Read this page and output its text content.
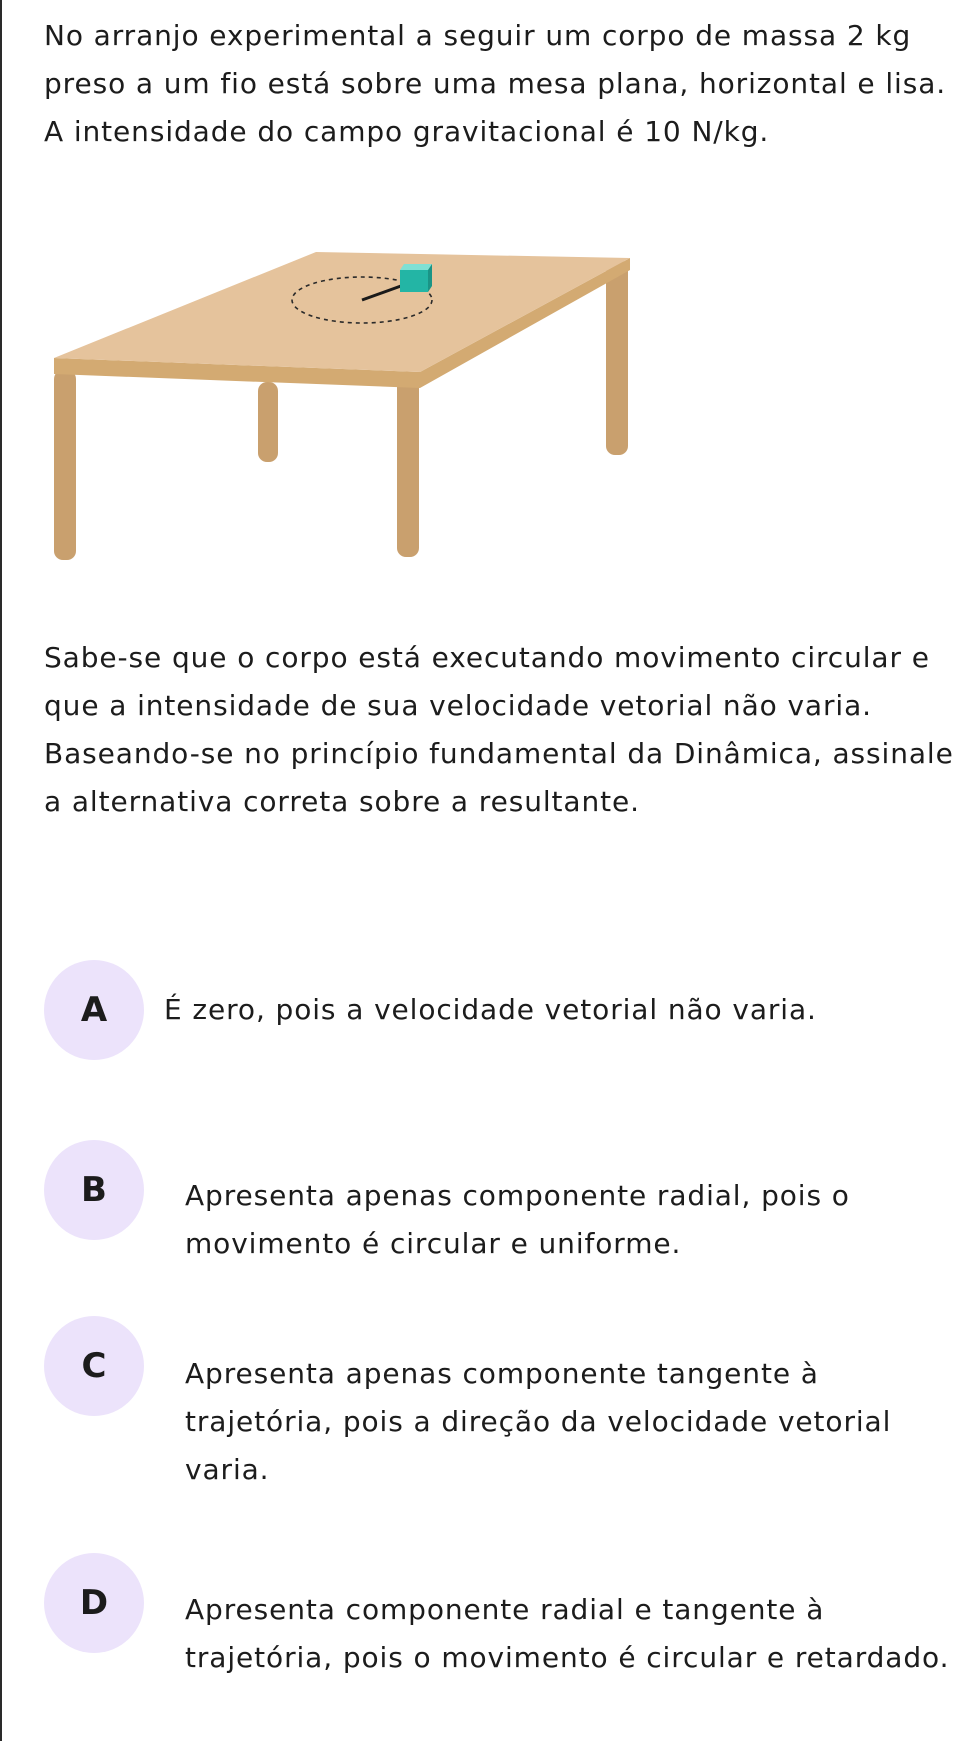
No arranjo experimental a seguir um corpo de massa 2 kg preso a um fio está sobre uma mesa plana, horizontal e lisa. A intensidade do campo gravitacional é 10 N/kg.

Sabe-se que o corpo está executando movimento circular e que a intensidade de sua velocidade vetorial não varia. Baseando-se no princípio fundamental da Dinâmica, assinale a alternativa correta sobre a resultante.

A	É zero, pois a velocidade vetorial não varia.

B	Apresenta apenas componente radial, pois o movimento é circular e uniforme.

C	Apresenta apenas componente tangente à trajetória, pois a direção da velocidade vetorial varia.

D	Apresenta componente radial e tangente à trajetória, pois o movimento é circular e retardado.
